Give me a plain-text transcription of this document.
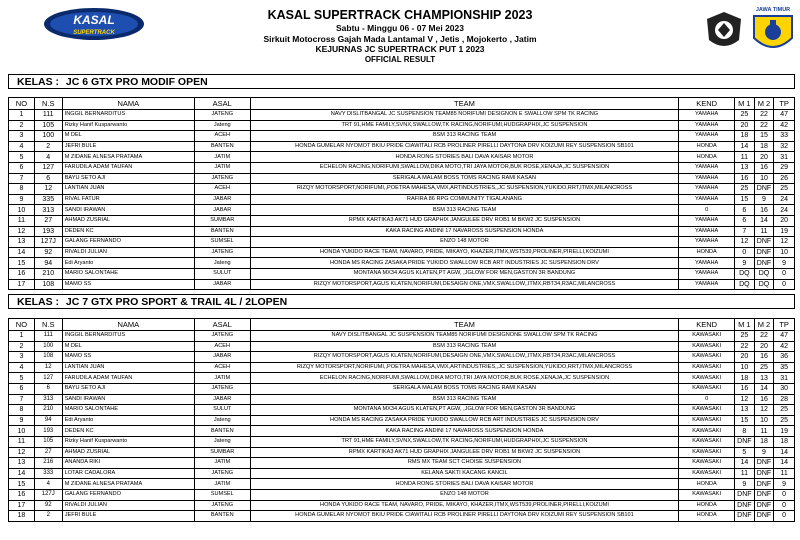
KASAL
SUPERTRACK
KASAL SUPERTRACK CHAMPIONSHIP 2023
Sabtu - Minggu 06 - 07 Mei 2023
Sirkuit Motocross Gajah Mada Lantamal V , Jetis , Mojokerto , Jatim
KEJURNAS JC SUPERTRACK PUT 1 2023
OFFICIAL RESULT
JAWA TIMUR
KELAS : JC 6 GTX PRO MODIF OPEN
NO	N.S	NAMA	ASAL	TEAM	KEND	M 1	M 2	TP
1	111	INGGIL BERNARDITUS	JATENG	NAVY DISLITBANGAL JC SUSPENSION TEAM85 NORIFUMI DESIGNON E SWALLOW SPM TK RACING	YAMAHA	25	22	47
2	105	Rizky Hanif Kusparwanto	Jateng	TRT 91,HME FAMILY,SVNX,SWALLOW,TK RACING,NORIFUMI,HUDGRAPHIX,JC SUSPENSION	YAMAHA	20	22	42
3	100	M DEL	ACEH	BSM 313 RACING TEAM	YAMAHA	18	15	33
4	2	JEFRI BULE	BANTEN	HONDA GUMELAR NYOMOT BKIU PRIDE CIAWITALI RCB PROLINER PIRELLI DAYTONA DRV KOIZUMI REY SUSPENSION SB101	HONDA	14	18	32
5	4	M ZIDANE ALNESA PRATAMA	JATIM	HONDA RONG STORIES BALI DAVA KAISAR MOTOR	HONDA	11	20	31
6	127	FARUDILA ADAM TAUFAN	JATIM	ECHELON RACING,NORIFUMI,SWALLOW,DIKA MOTO,TRI JAYA MOTOR,BUK ROSE,XENAJA,JC SUSPENSION	YAMAHA	13	16	29
7	6	BAYU SETO AJI	JATENG	SERIGALA MALAM BOSS TOMS RACING RAMI KASAN	YAMAHA	16	10	26
8	12	LANTIAN JUAN	ACEH	RIZQY MOTORSPORT,NORIFUMI,,POETRA MAHESA,VMX,ARTINDUSTRIES,,JC SUSPENSION,YUKIDO,RRT,ITMX,MILANCROSS	YAMAHA	25	DNF	25
9	335	RIVAL FATUR	JABAR	RAFIRA 86 RPG COMMUNITY TIGALANANG	YAMAHA	15	9	24
10	313	SANDI IRAWAN	JABAR	BSM 313 RACING TEAM	0	6	16	24
11	27	AHMAD ZUSRIAL	SUMBAR	RPMX KARTIKA3 AK71 HUD GRAPHIX JANGULEE DRV ROB1 M BKW2 JC SUSPENSION	YAMAHA	6	14	20
12	193	DEDEN KC	BANTEN	KAKA RACING ANDINI 17 NAVAROSS SUSPENSION HONDA	YAMAHA	7	11	19
13	127J	GALANG FERNANDO	SUMSEL	ENZO 148 MOTOR	YAMAHA	12	DNF	12
14	92	RIVALDI JULIAN	JATENG	HONDA YUKIDO RACE TEAM, NAVARO, PRIDE, MIKAYO, KHAZER,ITMX,WST539,PROLINER,PIRELLI,KOIZUMI	HONDA	0	DNF	10
15	94	Edi Aryanto	Jateng	HONDA MS RACING ZASAKA PRIDE YUKIDO SWALLOW RCB ART INDUSTRIES JC SUSPENSION DRV	YAMAHA	9	DNF	9
16	210	MARIO SALONTAHE	SULUT	MONTANA MX34 AGUS KLATEN,PT AGW, ,JGLOW FOR MEN,GASTON 3R BANDUNG	YAMAHA	DQ	DQ	0
17	108	MAMO SS	JABAR	RIZQY MOTORSPORT,AGUS KLATEN,NORIFUMI,DESAIGN ONE,VMX,SWALLOW,,ITMX,RBT34,R3AC,MILANCROSS	YAMAHA	DQ	DQ	0
KELAS : JC 7 GTX PRO SPORT & TRAIL 4L / 2LOPEN
NO	N.S	NAMA	ASAL	TEAM	KEND	M 1	M 2	TP
1	111	INGGIL BERNARDITUS	JATENG	NAVY DISLITBANGAL JC SUSPENSION TEAM85 NORIFUMI DESIGNONE SWALLOW SPM TK RACING	KAWASAKI	25	22	47
2	100	M DEL	ACEH	BSM 313 RACING TEAM	KAWASAKI	22	20	42
3	108	MAMO SS	JABAR	RIZQY MOTORSPORT,AGUS KLATEN,NORIFUMI,DESAIGN ONE,VMX,SWALLOW,,ITMX,RBT34,R3AC,MILANCROSS	KAWASAKI	20	16	36
4	12	LANTIAN JUAN	ACEH	RIZQY MOTORSPORT,NORIFUMI,,POETRA MAHESA,VMX,ARTINDUSTRIES,,JC SUSPENSION,YUKIDO,RRT,ITMX,MILANCROSS	KAWASAKI	10	25	35
5	127	FARUDILA ADAM TAUFAN	JATIM	ECHELON RACING,NORIFUMI,SWALLOW,DIKA MOTO,TRI JAYA MOTOR,BUK ROSE,XENAJA,JC SUSPENSION	KAWASAKI	18	13	31
6	6	BAYU SETO AJI	JATENG	SERIGALA MALAM BOSS TOMS RACING RAMI KASAN	KAWASAKI	16	14	30
7	313	SANDI IRAWAN	JABAR	BSM 313 RACING TEAM	0	12	16	28
8	210	MARIO SALONTAHE	SULUT	MONTANA MX34 AGUS KLATEN,PT AGW, ,JGLOW FOR MEN,GASTON 3R BANDUNG	KAWASAKI	13	12	25
9	94	Edi Aryanto	Jateng	HONDA MS RACING ZASAKA PRIDE YUKIDO SWALLOW RCB ART INDUSTRIES JC SUSPENSION DRV	KAWASAKI	15	10	25
10	193	DEDEN KC	BANTEN	KAKA RACING ANDINI 17 NAVAROSS SUSPENSION HONDA	KAWASAKI	8	11	19
11	105	Rizky Hanif Kusparwanto	Jateng	TRT 91,HME FAMILY,SVNX,SWALLOW,TK RACING,NORIFUMI,HUDGRAPHIX,JC SUSPENSION	KAWASAKI	DNF	18	18
12	27	AHMAD ZUSRIAL	SUMBAR	RPMX KARTIKA3 AK71 HUD GRAPHIX JANGULEE DRV ROB1 M BKW2 JC SUSPENSION	KAWASAKI	5	9	14
13	216	ANANDA RIKI	JATIM	RMS MX TEAM SCT CHOISE SUSPENSION	KAWASAKI	14	DNF	14
14	333	LOTAR CADALORA	JATENG	KELANA SAKTI KACANG KANCIL	KAWASAKI	11	DNF	11
15	4	M ZIDANE ALNESA PRATAMA	JATIM	HONDA RONG STORIES BALI DAVA KAISAR MOTOR	HONDA	9	DNF	9
16	127J	GALANG FERNANDO	SUMSEL	ENZO 148 MOTOR	KAWASAKI	DNF	DNF	0
17	92	RIVALDI JULIAN	JATENG	HONDA YUKIDO RACE TEAM, NAVARO, PRIDE, MIKAYO, KHAZER,ITMX,WST539,PROLINER,PIRELLI,KOIZUMI	HONDA	DNF	DNF	0
18	2	JEFRI BULE	BANTEN	HONDA GUMELAR NYOMOT BKIU PRIDE CIAWITALI RCB PROLINER PIRELLI DAYTONA DRV KOIZUMI REY SUSPENSION SB101	HONDA	DNF	DNF	0
